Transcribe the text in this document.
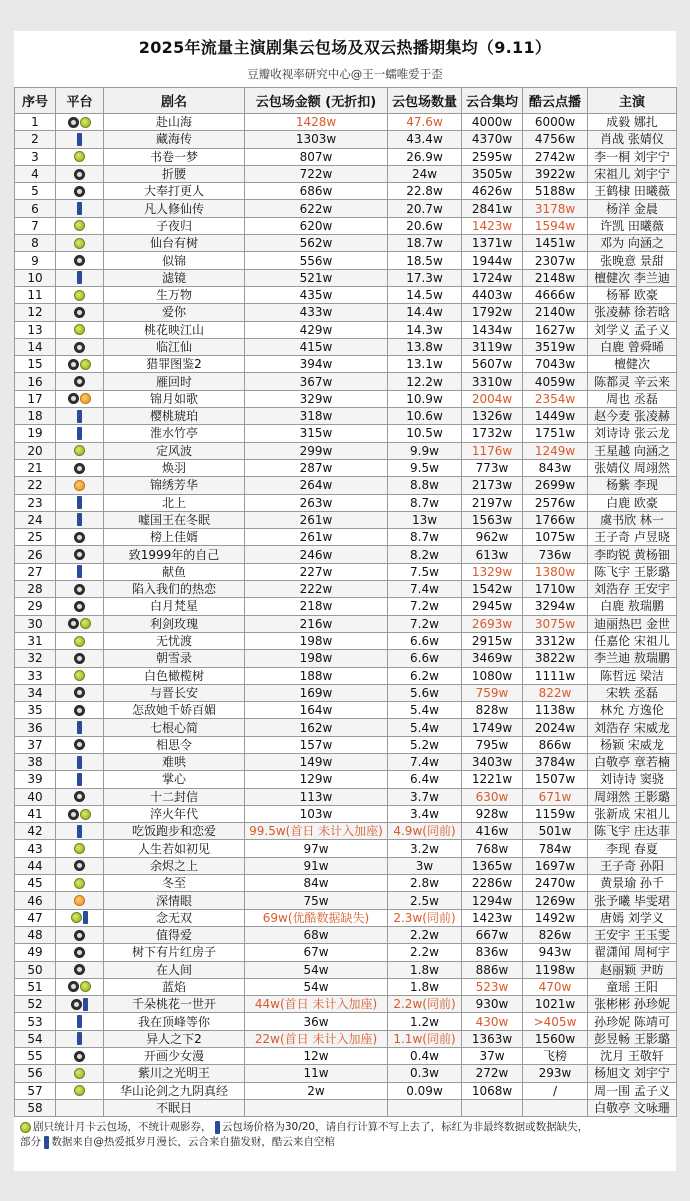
2025年流量主演剧集云包场及双云热播期集均（9.11）
豆瓣收视率研究中心@王一蠕唯爱于歪
序号	平台	剧名	云包场金额 (无折扣)	云包场数量	云合集均	酷云点播	主演
1		赴山海	1428w	47.6w	4000w	6000w	成毅 娜扎
2		藏海传	1303w	43.4w	4370w	4756w	肖战 张婧仪
3		书卷一梦	807w	26.9w	2595w	2742w	李一桐 刘宇宁
4		折腰	722w	24w	3505w	3922w	宋祖儿 刘宇宁
5		大奉打更人	686w	22.8w	4626w	5188w	王鹤棣 田曦薇
6		凡人修仙传	622w	20.7w	2841w	3178w	杨洋 金晨
7		子夜归	620w	20.6w	1423w	1594w	许凯 田曦薇
8		仙台有树	562w	18.7w	1371w	1451w	邓为 向涵之
9		似锦	556w	18.5w	1944w	2307w	张晚意 景甜
10		滤镜	521w	17.3w	1724w	2148w	檀健次 李兰迪
11		生万物	435w	14.5w	4403w	4666w	杨幂 欧豪
12		爱你	433w	14.4w	1792w	2140w	张凌赫 徐若晗
13		桃花映江山	429w	14.3w	1434w	1627w	刘学义 孟子义
14		临江仙	415w	13.8w	3119w	3519w	白鹿 曾舜晞
15		猎罪图鉴2	394w	13.1w	5607w	7043w	檀健次
16		雁回时	367w	12.2w	3310w	4059w	陈都灵 辛云来
17		锦月如歌	329w	10.9w	2004w	2354w	周也 丞磊
18		樱桃琥珀	318w	10.6w	1326w	1449w	赵今麦 张凌赫
19		淮水竹亭	315w	10.5w	1732w	1751w	刘诗诗 张云龙
20		定风波	299w	9.9w	1176w	1249w	王星越 向涵之
21		焕羽	287w	9.5w	773w	843w	张婧仪 周翊然
22		锦绣芳华	264w	8.8w	2173w	2699w	杨紫 李现
23		北上	263w	8.7w	2197w	2576w	白鹿 欧豪
24		嘘国王在冬眠	261w	13w	1563w	1766w	虞书欣 林一
25		榜上佳婿	261w	8.7w	962w	1075w	王子奇 卢昱晓
26		致1999年的自己	246w	8.2w	613w	736w	李昀锐 黄杨钿
27		献鱼	227w	7.5w	1329w	1380w	陈飞宇 王影璐
28		陷入我们的热恋	222w	7.4w	1542w	1710w	刘浩存 王安宇
29		白月梵星	218w	7.2w	2945w	3294w	白鹿 敖瑞鹏
30		利剑玫瑰	216w	7.2w	2693w	3075w	迪丽热巴 金世
31		无忧渡	198w	6.6w	2915w	3312w	任嘉伦 宋祖儿
32		朝雪录	198w	6.6w	3469w	3822w	李兰迪 敖瑞鹏
33		白色橄榄树	188w	6.2w	1080w	1111w	陈哲远 梁洁
34		与晋长安	169w	5.6w	759w	822w	宋轶 丞磊
35		怎敌她千娇百媚	164w	5.4w	828w	1138w	林允 方逸伦
36		七根心简	162w	5.4w	1749w	2024w	刘浩存 宋威龙
37		相思令	157w	5.2w	795w	866w	杨颖 宋威龙
38		难哄	149w	7.4w	3403w	3784w	白敬亭 章若楠
39		掌心	129w	6.4w	1221w	1507w	刘诗诗 窦骁
40		十二封信	113w	3.7w	630w	671w	周翊然 王影璐
41		淬火年代	103w	3.4w	928w	1159w	张新成 宋祖儿
42		吃饭跑步和恋爱	99.5w(首日 未计入加座)	4.9w(同前)	416w	501w	陈飞宇 庄达菲
43		人生若如初见	97w	3.2w	768w	784w	李现 春夏
44		余烬之上	91w	3w	1365w	1697w	王子奇 孙阳
45		冬至	84w	2.8w	2286w	2470w	黄景瑜 孙千
46		深情眼	75w	2.5w	1294w	1269w	张予曦 毕雯珺
47		念无双	69w(优酷数据缺失)	2.3w(同前)	1423w	1492w	唐嫣 刘学义
48		值得爱	68w	2.2w	667w	826w	王安宇 王玉雯
49		树下有片红房子	67w	2.2w	836w	943w	翟潇闻 周柯宇
50		在人间	54w	1.8w	886w	1198w	赵丽颖 尹昉
51		蓝焰	54w	1.8w	523w	470w	童瑶 王阳
52		千朵桃花一世开	44w(首日 未计入加座)	2.2w(同前)	930w	1021w	张彬彬 孙珍妮
53		我在顶峰等你	36w	1.2w	430w	>405w	孙珍妮 陈靖可
54		异人之下2	22w(首日 未计入加座)	1.1w(同前)	1363w	1560w	彭昱畅 王影璐
55		开画少女漫	12w	0.4w	37w	飞榜	沈月 王敬轩
56		紫川之光明王	11w	0.3w	272w	293w	杨旭文 刘宇宁
57		华山论剑之九阴真经	2w	0.09w	1068w	/	周一围 孟子义
58		不眠日					白敬亭 文咏珊
剧只统计月卡云包场，不统计观影券， 云包场价格为30/20，请自行计算不写上去了，标红为非最终数据或数据缺失，
部分 数据来自@热爱抵岁月漫长，云合来自猫发财，酷云来自空棺
